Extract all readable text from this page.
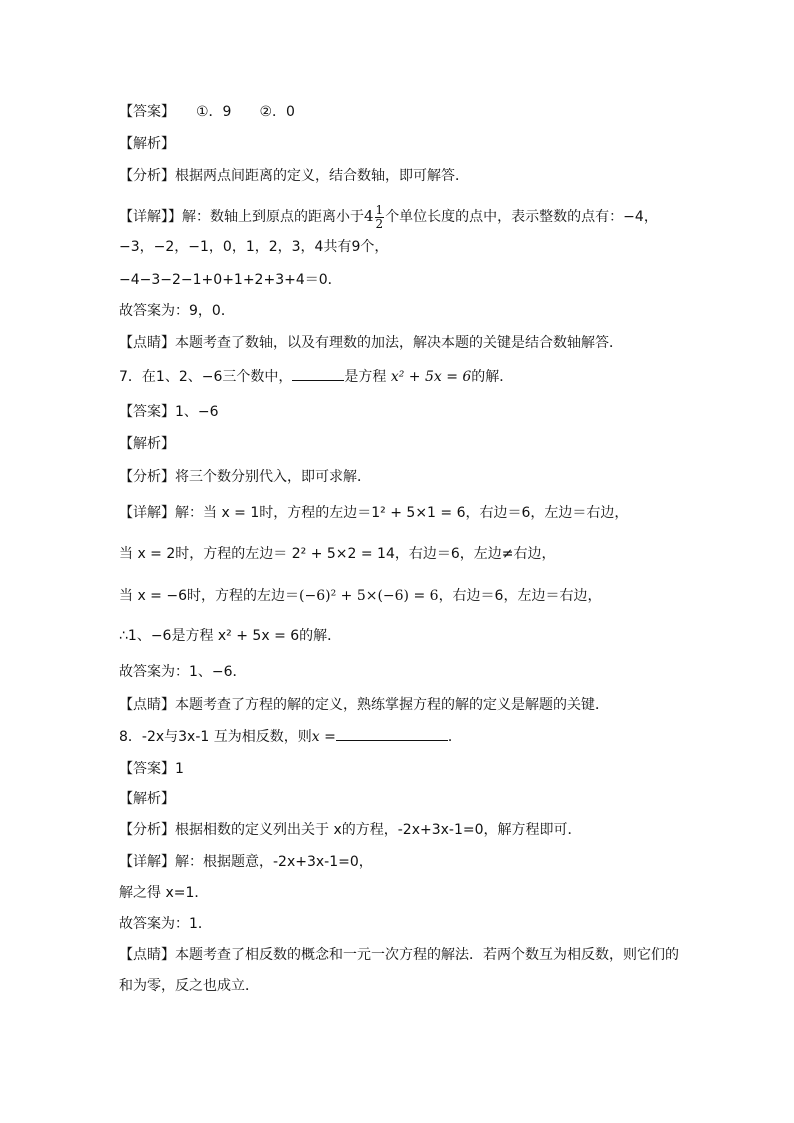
【答案】　　①．9　　②．0
【解析】
【分析】根据两点间距离的定义，结合数轴，即可解答．
【详解】】解：数轴上到原点的距离小于$4 \frac{1}{2}$ 个单位长度的点中，表示整数的点有：−4，
−3，−2，−1，0，1，2，3，4共有9个，
−4−3−2−1+0+1+2+3+4＝0．
故答案为：9，0．
【点睛】本题考查了数轴，以及有理数的加法，解决本题的关键是结合数轴解答．
7．在1、2、−6三个数中，	是方程 x² + 5x = 6的解．
【答案】1、−6
【解析】
【分析】将三个数分别代入，即可求解．
【详解】解：当 x = 1时，方程的左边＝1² + 5×1 = 6，右边＝6，左边＝右边，
当 x = 2时，方程的左边＝ 2² + 5×2 = 14，右边＝6，左边≠右边，
当 x = −6时，方程的左边＝(−6)² + 5×(−6) = 6，右边＝6，左边＝右边，
∴1、−6是方程 x² + 5x = 6的解．
故答案为：1、−6．
【点睛】本题考查了方程的解的定义，熟练掌握方程的解的定义是解题的关键．
8．-2x与3x-1 互为相反数，则x =	．
【答案】1
【解析】
【分析】根据相数的定义列出关于 x的方程，-2x+3x-1=0，解方程即可．
【详解】解：根据题意，-2x+3x-1=0，
解之得 x=1．
故答案为：1．
【点睛】本题考查了相反数的概念和一元一次方程的解法．若两个数互为相反数，则它们的
和为零，反之也成立．
